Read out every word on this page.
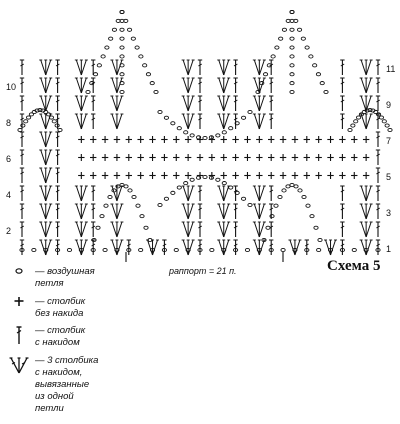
2
4
6
8
10
1
3
5
7
9
11
раппорт = 21 п.	Схема 5
— воздушная
петля
— столбик
без накида
— столбик
с накидом
— 3 столбика
с накидом,
вывязанные
из одной
петли
